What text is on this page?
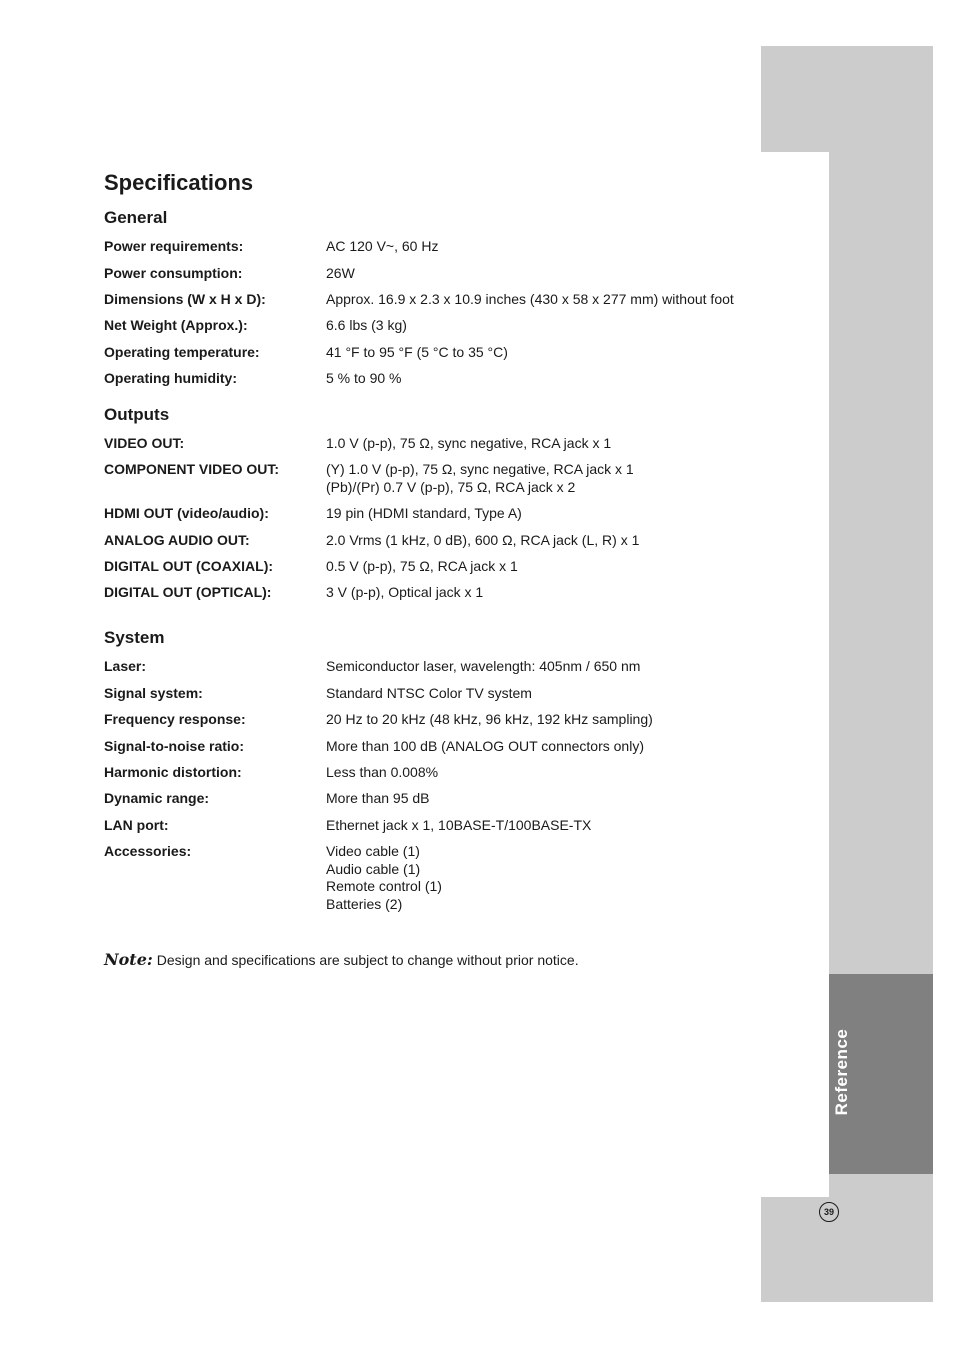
Reference
39
Specifications
General
Power requirements:	AC 120 V~, 60 Hz
Power consumption:	26W
Dimensions (W x H x D):	Approx. 16.9 x 2.3 x 10.9 inches (430 x 58 x 277 mm) without foot
Net Weight (Approx.):	6.6 lbs (3 kg)
Operating temperature:	41 °F to 95 °F (5 °C to 35 °C)
Operating humidity:	5 % to 90 %
Outputs
VIDEO OUT:	1.0 V (p-p), 75 Ω, sync negative, RCA jack x 1
COMPONENT VIDEO OUT:	(Y) 1.0 V (p-p), 75 Ω, sync negative, RCA jack x 1
(Pb)/(Pr) 0.7 V (p-p), 75 Ω, RCA jack x 2
HDMI OUT (video/audio):	19 pin (HDMI standard, Type A)
ANALOG AUDIO OUT:	2.0 Vrms (1 kHz, 0 dB), 600 Ω, RCA jack (L, R) x 1
DIGITAL OUT (COAXIAL):	0.5 V (p-p), 75 Ω, RCA jack x 1
DIGITAL OUT (OPTICAL):	3 V (p-p), Optical jack x 1
System
Laser:	Semiconductor laser, wavelength: 405nm / 650 nm
Signal system:	Standard NTSC Color TV system
Frequency response:	20 Hz to 20 kHz (48 kHz, 96 kHz, 192 kHz sampling)
Signal-to-noise ratio:	More than 100 dB (ANALOG OUT connectors only)
Harmonic distortion:	Less than 0.008%
Dynamic range:	More than 95 dB
LAN port:	Ethernet jack x 1, 10BASE-T/100BASE-TX
Accessories:	Video cable (1)
Audio cable (1)
Remote control (1)
Batteries (2)
Note: Design and specifications are subject to change without prior notice.
